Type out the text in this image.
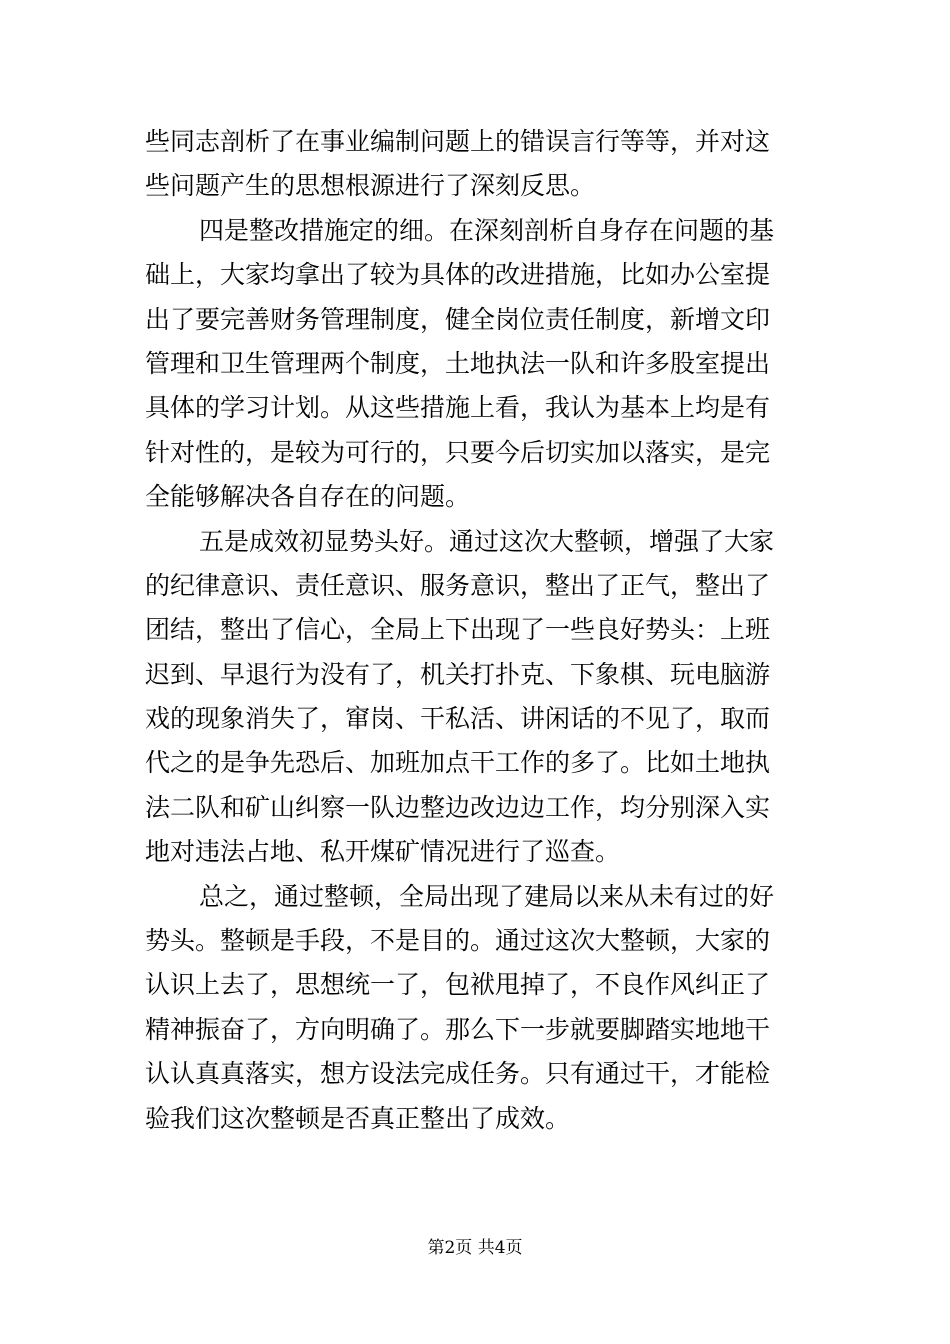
些同志剖析了在事业编制问题上的错误言行等等，并对这
些问题产生的思想根源进行了深刻反思。
四是整改措施定的细。在深刻剖析自身存在问题的基
础上，大家均拿出了较为具体的改进措施，比如办公室提
出了要完善财务管理制度，健全岗位责任制度，新增文印
管理和卫生管理两个制度，土地执法一队和许多股室提出
具体的学习计划。从这些措施上看，我认为基本上均是有
针对性的，是较为可行的，只要今后切实加以落实，是完
全能够解决各自存在的问题。
五是成效初显势头好。通过这次大整顿，增强了大家
的纪律意识、责任意识、服务意识，整出了正气，整出了
团结，整出了信心，全局上下出现了一些良好势头：上班
迟到、早退行为没有了，机关打扑克、下象棋、玩电脑游
戏的现象消失了，窜岗、干私活、讲闲话的不见了，取而
代之的是争先恐后、加班加点干工作的多了。比如土地执
法二队和矿山纠察一队边整边改边边工作，均分别深入实
地对违法占地、私开煤矿情况进行了巡查。
总之，通过整顿，全局出现了建局以来从未有过的好
势头。整顿是手段，不是目的。通过这次大整顿，大家的
认识上去了，思想统一了，包袱甩掉了，不良作风纠正了
精神振奋了，方向明确了。那么下一步就要脚踏实地地干
认认真真落实，想方设法完成任务。只有通过干，才能检
验我们这次整顿是否真正整出了成效。
第2页 共4页
